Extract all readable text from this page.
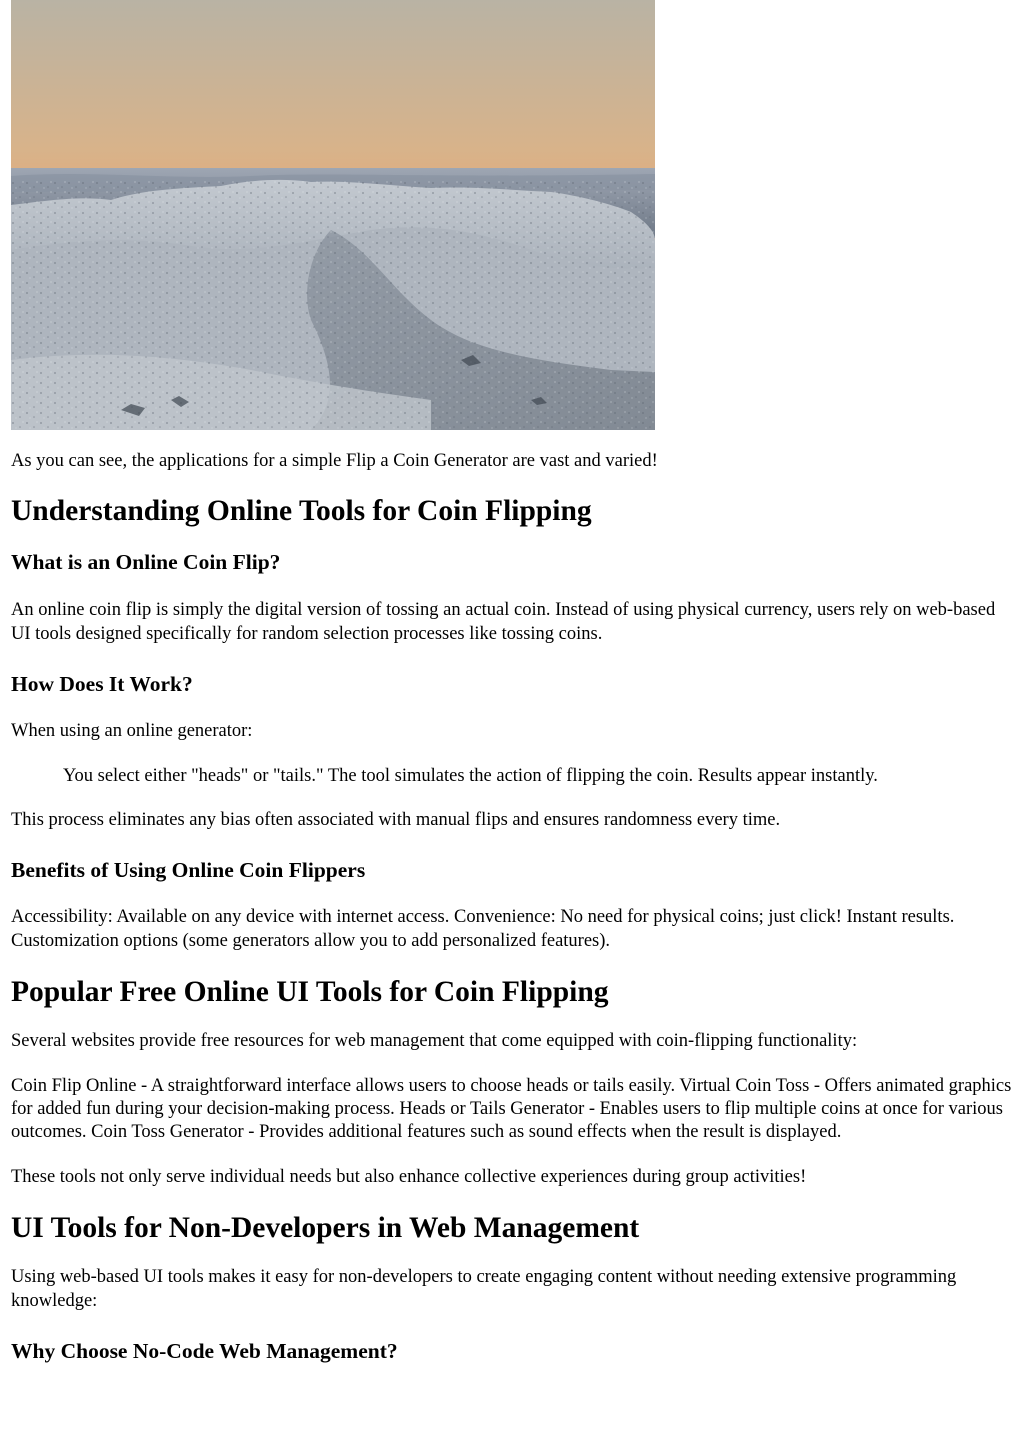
As you can see, the applications for a simple Flip a Coin Generator are vast and varied!

Understanding Online Tools for Coin Flipping
What is an Online Coin Flip?

An online coin flip is simply the digital version of tossing an actual coin. Instead of using physical currency, users rely on web-based UI tools designed specifically for random selection processes like tossing coins.

How Does It Work?

When using an online generator:

You select either "heads" or "tails." The tool simulates the action of flipping the coin. Results appear instantly.

This process eliminates any bias often associated with manual flips and ensures randomness every time.

Benefits of Using Online Coin Flippers

Accessibility: Available on any device with internet access. Convenience: No need for physical coins; just click! Instant results. Customization options (some generators allow you to add personalized features).

Popular Free Online UI Tools for Coin Flipping

Several websites provide free resources for web management that come equipped with coin-flipping functionality:

Coin Flip Online - A straightforward interface allows users to choose heads or tails easily. Virtual Coin Toss - Offers animated graphics for added fun during your decision-making process. Heads or Tails Generator - Enables users to flip multiple coins at once for various outcomes. Coin Toss Generator - Provides additional features such as sound effects when the result is displayed.

These tools not only serve individual needs but also enhance collective experiences during group activities!

UI Tools for Non-Developers in Web Management

Using web-based UI tools makes it easy for non-developers to create engaging content without needing extensive programming knowledge:

Why Choose No-Code Web Management?
